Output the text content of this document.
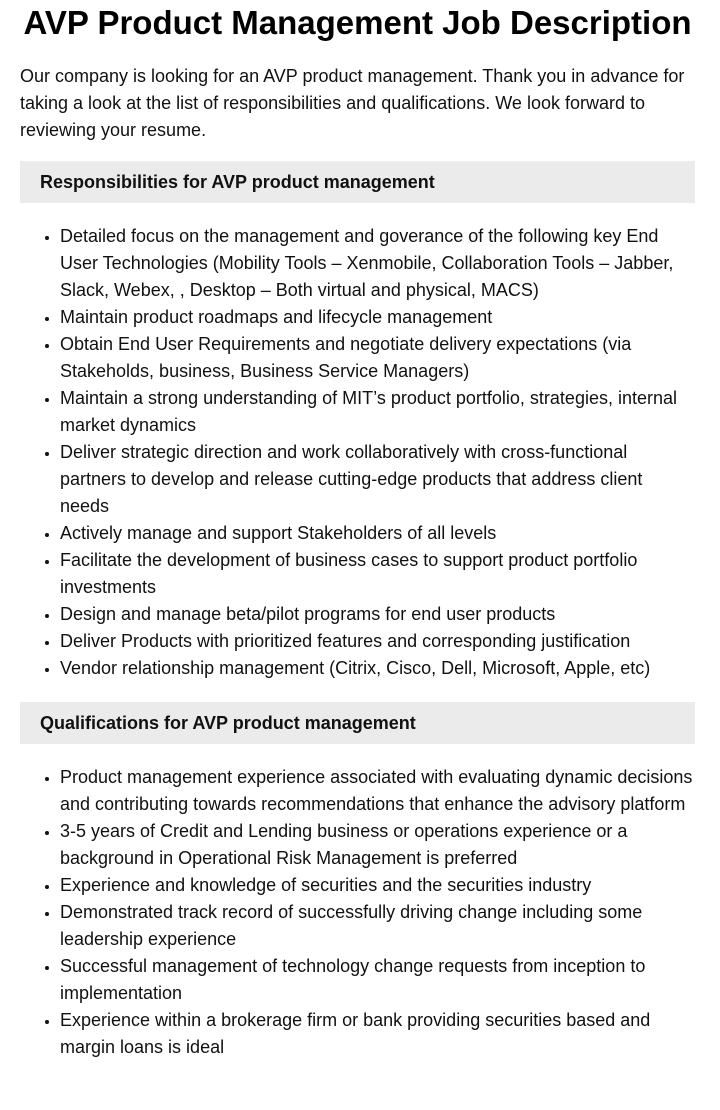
AVP Product Management Job Description

Our company is looking for an AVP product management. Thank you in advance for taking a look at the list of responsibilities and qualifications. We look forward to reviewing your resume.

Responsibilities for AVP product management
• Detailed focus on the management and goverance of the following key End User Technologies (Mobility Tools – Xenmobile, Collaboration Tools – Jabber, Slack, Webex, , Desktop – Both virtual and physical, MACS)
• Maintain product roadmaps and lifecycle management
• Obtain End User Requirements and negotiate delivery expectations (via Stakeholds, business, Business Service Managers)
• Maintain a strong understanding of MIT’s product portfolio, strategies, internal market dynamics
• Deliver strategic direction and work collaboratively with cross-functional partners to develop and release cutting-edge products that address client needs
• Actively manage and support Stakeholders of all levels
• Facilitate the development of business cases to support product portfolio investments
• Design and manage beta/pilot programs for end user products
• Deliver Products with prioritized features and corresponding justification
• Vendor relationship management (Citrix, Cisco, Dell, Microsoft, Apple, etc)
Qualifications for AVP product management
• Product management experience associated with evaluating dynamic decisions and contributing towards recommendations that enhance the advisory platform
• 3-5 years of Credit and Lending business or operations experience or a background in Operational Risk Management is preferred
• Experience and knowledge of securities and the securities industry
• Demonstrated track record of successfully driving change including some leadership experience
• Successful management of technology change requests from inception to implementation
• Experience within a brokerage firm or bank providing securities based and margin loans is ideal
